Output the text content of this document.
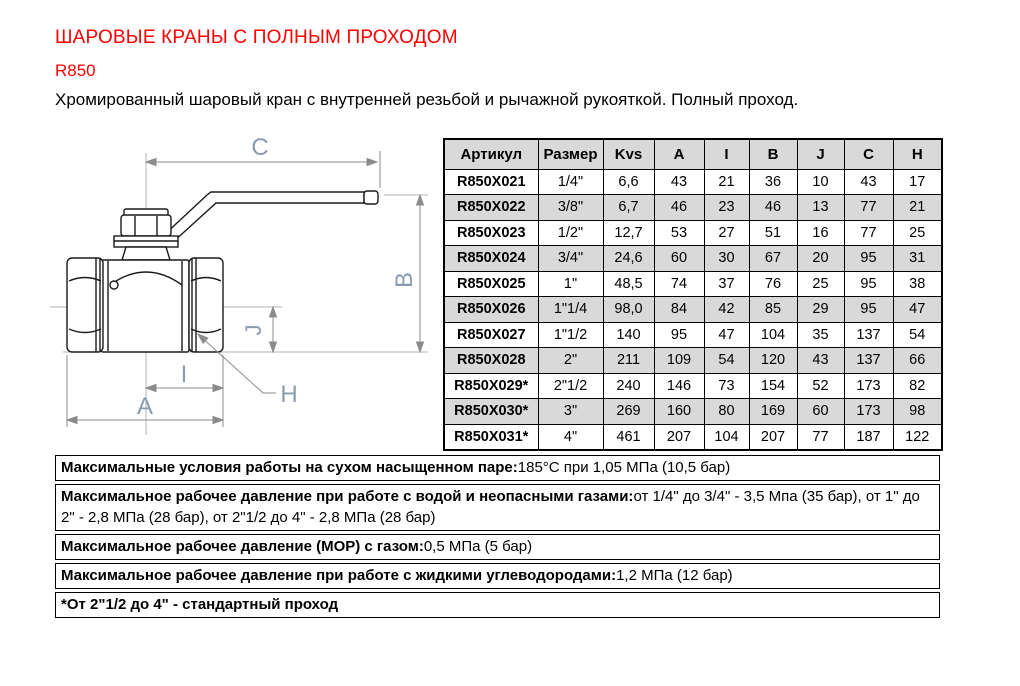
ШАРОВЫЕ КРАНЫ С ПОЛНЫМ ПРОХОДОМ
R850
Хромированный шаровый кран с внутренней резьбой и рычажной рукояткой. Полный проход.
C
B
J
I
A	H
Артикул	Размер	Kvs	A	I	B	J	C	H
R850X021	1/4"	6,6	43	21	36	10	43	17
R850X022	3/8"	6,7	46	23	46	13	77	21
R850X023	1/2"	12,7	53	27	51	16	77	25
R850X024	3/4"	24,6	60	30	67	20	95	31
R850X025	1"	48,5	74	37	76	25	95	38
R850X026	1"1/4	98,0	84	42	85	29	95	47
R850X027	1"1/2	140	95	47	104	35	137	54
R850X028	2"	211	109	54	120	43	137	66
R850X029*	2"1/2	240	146	73	154	52	173	82
R850X030*	3"	269	160	80	169	60	173	98
R850X031*	4"	461	207	104	207	77	187	122
Максимальные условия работы на сухом насыщенном паре:185°С при 1,05 МПа (10,5 бар)
Максимальное рабочее давление при работе с водой и неопасными газами:от 1/4" до 3/4" - 3,5 Мпа (35 бар), от 1" до 2" - 2,8 МПа (28 бар), от 2"1/2 до 4" - 2,8 МПа (28 бар)
Максимальное рабочее давление (МОР) с газом:0,5 МПа (5 бар)
Максимальное рабочее давление при работе с жидкими углеводородами:1,2 МПа (12 бар)
*От 2"1/2 до 4" - стандартный проход
